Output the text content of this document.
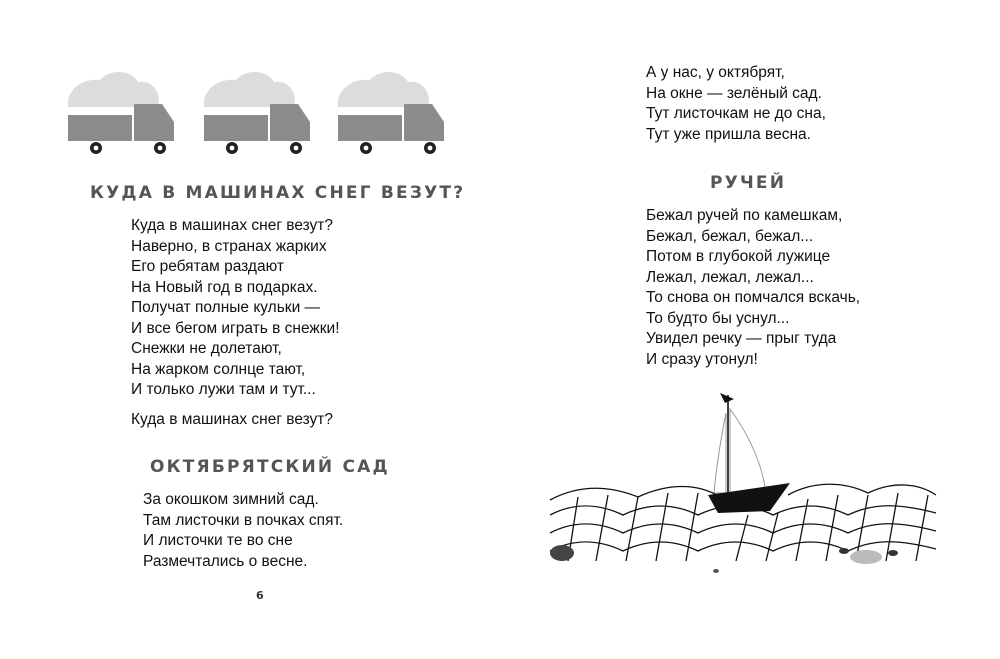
КУДА В МАШИНАХ СНЕГ ВЕЗУТ?
Куда в машинах снег везут?
Наверно, в странах жарких
Его ребятам раздают
На Новый год в подарках.
Получат полные кульки —
И все бегом играть в снежки!
Снежки не долетают,
На жарком солнце тают,
И только лужи там и тут...

Куда в машинах снег везут?

ОКТЯБРЯТСКИЙ САД
За окошком зимний сад.
Там листочки в почках спят.
И листочки те во сне
Размечтались о весне.
6
А у нас, у октябрят,
На окне — зелёный сад.
Тут листочкам не до сна,
Тут уже пришла весна.
РУЧЕЙ
Бежал ручей по камешкам,
Бежал, бежал, бежал...
Потом в глубокой лужице
Лежал, лежал, лежал...
То снова он помчался вскачь,
То будто бы уснул...
Увидел речку — прыг туда
И сразу утонул!
